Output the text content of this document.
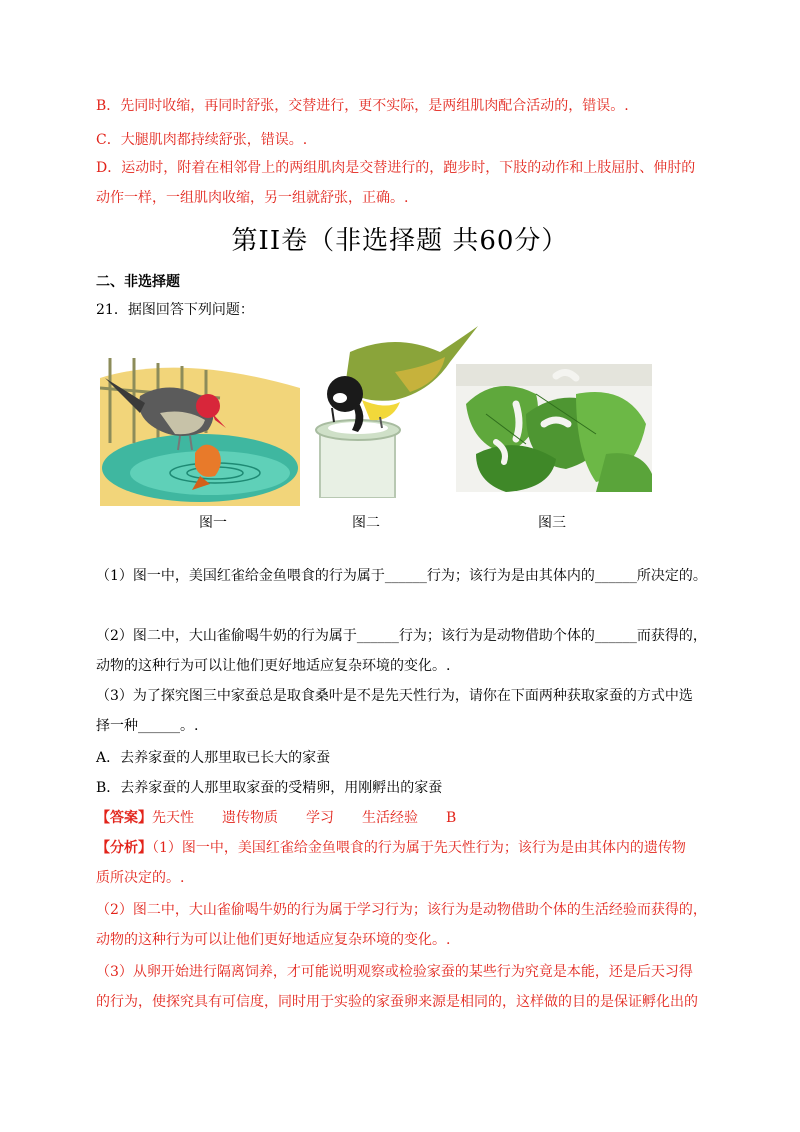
B．先同时收缩，再同时舒张，交替进行，更不实际，是两组肌肉配合活动的，错误。.
C．大腿肌肉都持续舒张，错误。.
D．运动时，附着在相邻骨上的两组肌肉是交替进行的，跑步时，下肢的动作和上肢屈肘、伸肘的
动作一样，一组肌肉收缩，另一组就舒张，正确。.
第II卷（非选择题 共60分）
二、非选择题
21．据图回答下列问题：
图一	图二	图三
（1）图一中，美国红雀给金鱼喂食的行为属于______行为；该行为是由其体内的______所决定的。
（2）图二中，大山雀偷喝牛奶的行为属于______行为；该行为是动物借助个体的______而获得的，
动物的这种行为可以让他们更好地适应复杂环境的变化。.
（3）为了探究图三中家蚕总是取食桑叶是不是先天性行为，请你在下面两种获取家蚕的方式中选
择一种______。.
A．去养家蚕的人那里取已长大的家蚕
B．去养家蚕的人那里取家蚕的受精卵，用刚孵出的家蚕
【答案】先天性 遗传物质 学习 生活经验 B
【分析】（1）图一中，美国红雀给金鱼喂食的行为属于先天性行为；该行为是由其体内的遗传物
质所决定的。.
（2）图二中，大山雀偷喝牛奶的行为属于学习行为；该行为是动物借助个体的生活经验而获得的，
动物的这种行为可以让他们更好地适应复杂环境的变化。.
（3）从卵开始进行隔离饲养，才可能说明观察或检验家蚕的某些行为究竟是本能，还是后天习得
的行为，使探究具有可信度，同时用于实验的家蚕卵来源是相同的，这样做的目的是保证孵化出的
